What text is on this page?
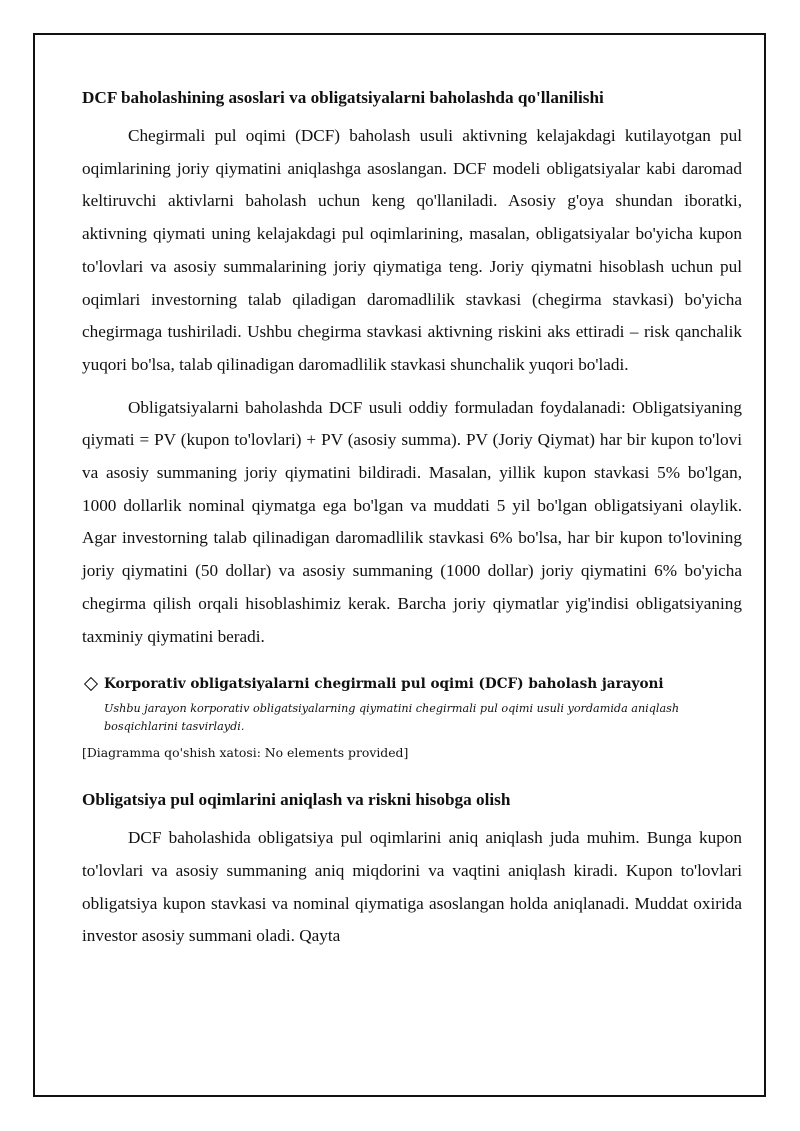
DCF baholashining asoslari va obligatsiyalarni baholashda qo'llanilishi

Chegirmali pul oqimi (DCF) baholash usuli aktivning kelajakdagi kutilayotgan pul oqimlarining joriy qiymatini aniqlashga asoslangan. DCF modeli obligatsiyalar kabi daromad keltiruvchi aktivlarni baholash uchun keng qo'llaniladi. Asosiy g'oya shundan iboratki, aktivning qiymati uning kelajakdagi pul oqimlarining, masalan, obligatsiyalar bo'yicha kupon to'lovlari va asosiy summalarining joriy qiymatiga teng. Joriy qiymatni hisoblash uchun pul oqimlari investorning talab qiladigan daromadlilik stavkasi (chegirma stavkasi) bo'yicha chegirmaga tushiriladi. Ushbu chegirma stavkasi aktivning riskini aks ettiradi – risk qanchalik yuqori bo'lsa, talab qilinadigan daromadlilik stavkasi shunchalik yuqori bo'ladi.

Obligatsiyalarni baholashda DCF usuli oddiy formuladan foydalanadi: Obligatsiyaning qiymati = PV (kupon to'lovlari) + PV (asosiy summa). PV (Joriy Qiymat) har bir kupon to'lovi va asosiy summaning joriy qiymatini bildiradi. Masalan, yillik kupon stavkasi 5% bo'lgan, 1000 dollarlik nominal qiymatga ega bo'lgan va muddati 5 yil bo'lgan obligatsiyani olaylik. Agar investorning talab qilinadigan daromadlilik stavkasi 6% bo'lsa, har bir kupon to'lovining joriy qiymatini (50 dollar) va asosiy summaning (1000 dollar) joriy qiymatini 6% bo'yicha chegirma qilish orqali hisoblashimiz kerak. Barcha joriy qiymatlar yig'indisi obligatsiyaning taxminiy qiymatini beradi.

Korporativ obligatsiyalarni chegirmali pul oqimi (DCF) baholash jarayoni
Ushbu jarayon korporativ obligatsiyalarning qiymatini chegirmali pul oqimi usuli yordamida aniqlash bosqichlarini tasvirlaydi.
[Diagramma qo'shish xatosi: No elements provided]
Obligatsiya pul oqimlarini aniqlash va riskni hisobga olish

DCF baholashida obligatsiya pul oqimlarini aniq aniqlash juda muhim. Bunga kupon to'lovlari va asosiy summaning aniq miqdorini va vaqtini aniqlash kiradi. Kupon to'lovlari obligatsiya kupon stavkasi va nominal qiymatiga asoslangan holda aniqlanadi. Muddat oxirida investor asosiy summani oladi. Qayta
